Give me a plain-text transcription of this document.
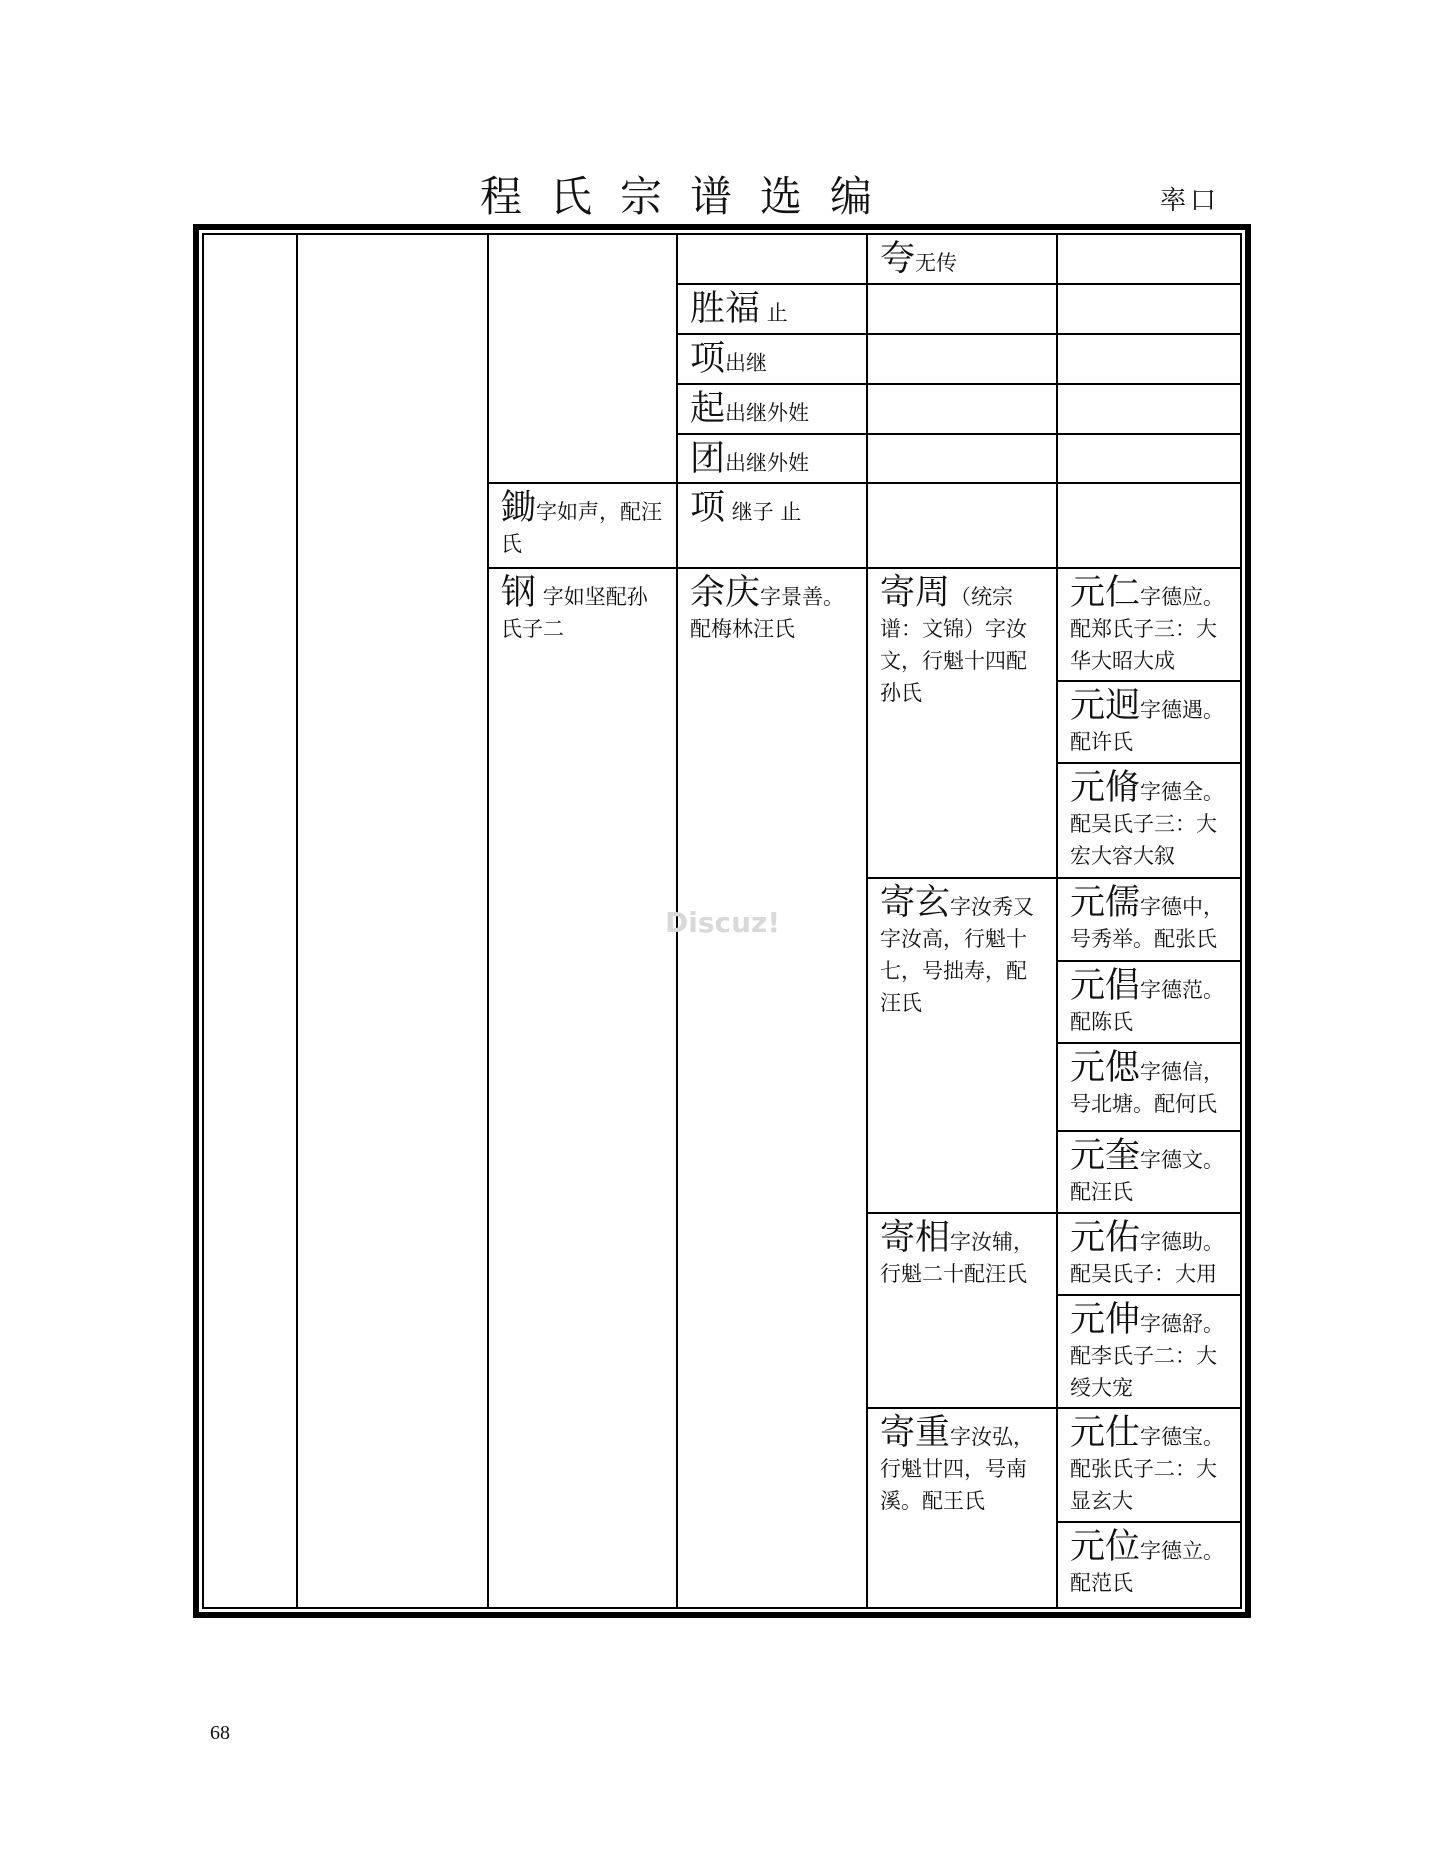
程氏宗谱选编	率口
鋤字如声，配汪氏
钢 字如坚配孙氏子二
胜福 止
项出继
起出继外姓
团出继外姓
项 继子 止
余庆字景善。配梅林汪氏
夸无传
寄周（统宗谱：文锦）字汝文，行魁十四配孙氏
寄玄字汝秀又字汝高，行魁十七，号拙寿，配汪氏
寄相字汝辅，行魁二十配汪氏
寄重字汝弘，行魁廿四，号南溪。配王氏
元仁字德应。配郑氏子三：大华大昭大成
元迥字德遇。配许氏
元脩字德全。配吴氏子三：大宏大容大叙
元儒字德中，号秀举。配张氏
元倡字德范。配陈氏
元偲字德信，号北塘。配何氏
元奎字德文。配汪氏
元佑字德助。配吴氏子：大用
元伸字德舒。配李氏子二：大绶大宠
元仕字德宝。配张氏子二：大显玄大
元位字德立。配范氏
Discuz!
68
